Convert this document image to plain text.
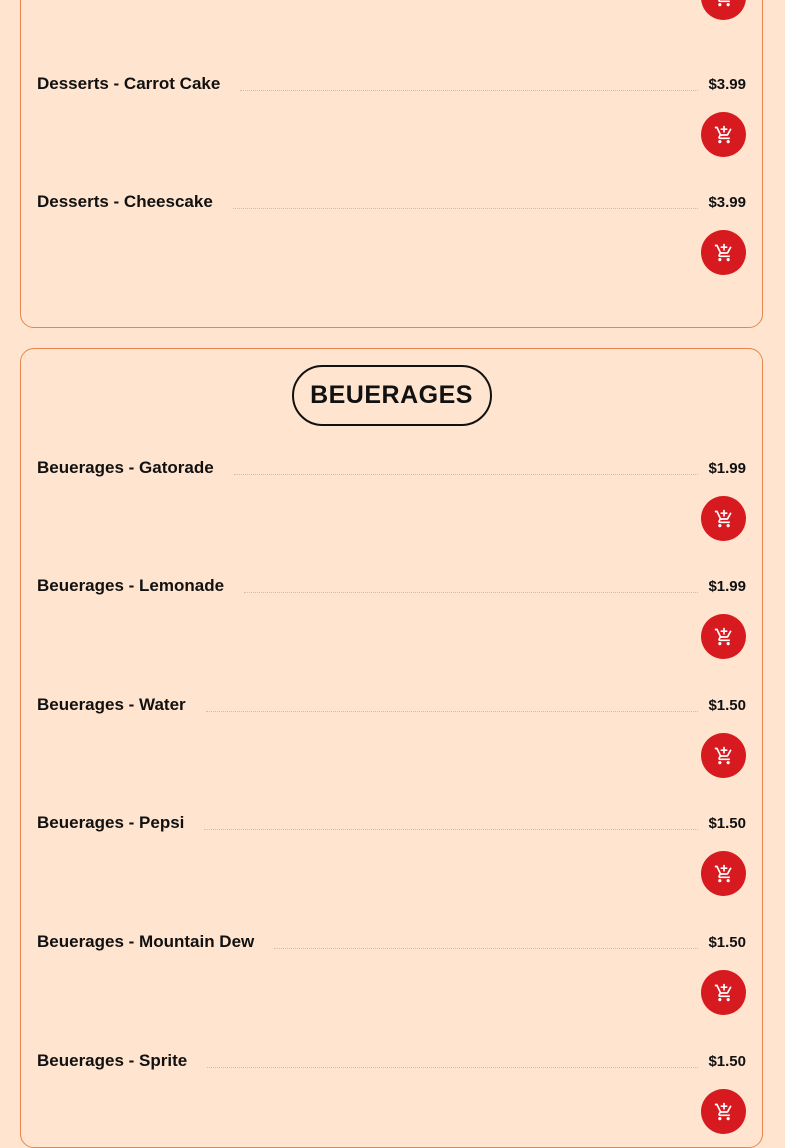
Desserts - Carrot Cake	$3.99
Desserts - Cheescake	$3.99
BEUERAGES
Beuerages - Gatorade	$1.99
Beuerages - Lemonade	$1.99
Beuerages - Water	$1.50
Beuerages - Pepsi	$1.50
Beuerages - Mountain Dew	$1.50
Beuerages - Sprite	$1.50
